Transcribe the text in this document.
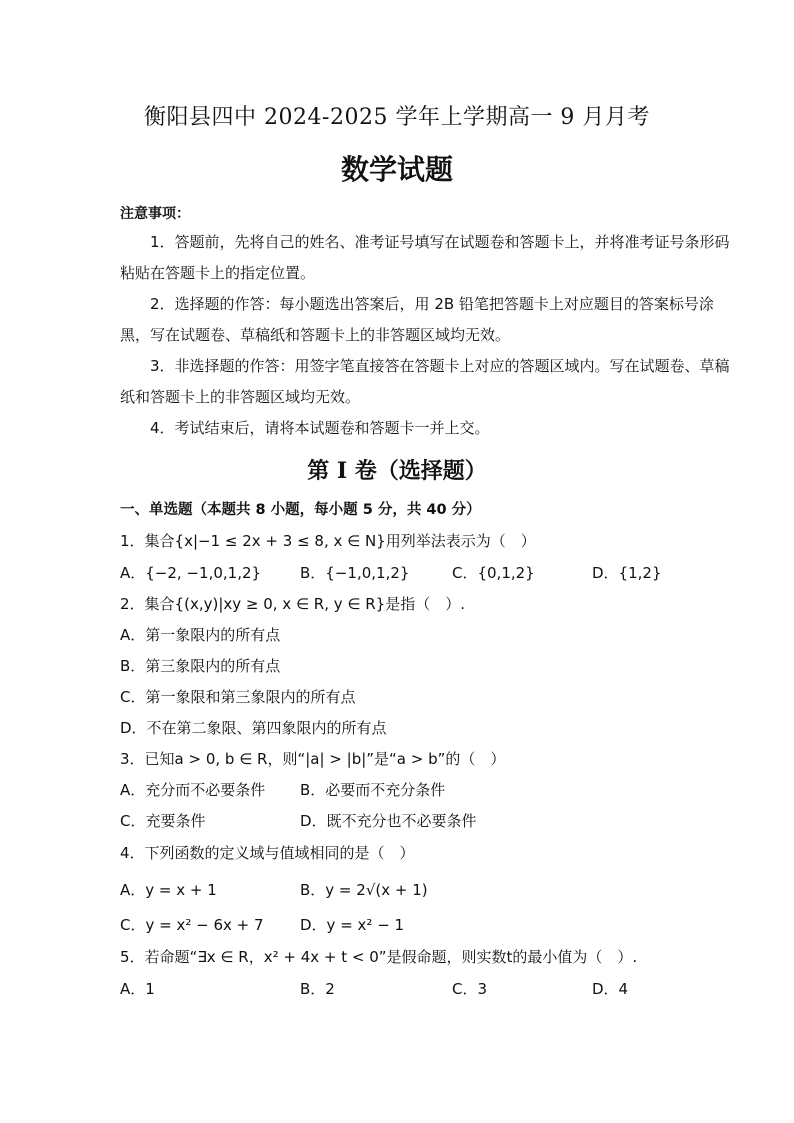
衡阳县四中 2024-2025 学年上学期高一 9 月月考
数学试题
注意事项：
1．答题前，先将自己的姓名、准考证号填写在试题卷和答题卡上，并将准考证号条形码粘贴在答题卡上的指定位置。
2．选择题的作答：每小题选出答案后，用 2B 铅笔把答题卡上对应题目的答案标号涂黑，写在试题卷、草稿纸和答题卡上的非答题区域均无效。
3．非选择题的作答：用签字笔直接答在答题卡上对应的答题区域内。写在试题卷、草稿纸和答题卡上的非答题区域均无效。
4．考试结束后，请将本试题卷和答题卡一并上交。
第 I 卷（选择题）
一、单选题（本题共 8 小题，每小题 5 分，共 40 分）
1．集合{x|−1 ≤ 2x + 3 ≤ 8, x ∈ N}用列举法表示为（　）
A．{−2, −1,0,1,2}	B．{−1,0,1,2}	C．{0,1,2}	D．{1,2}
2．集合{(x,y)|xy ≥ 0, x ∈ R, y ∈ R}是指（　）.
A．第一象限内的所有点
B．第三象限内的所有点
C．第一象限和第三象限内的所有点
D．不在第二象限、第四象限内的所有点
3．已知a > 0, b ∈ R，则“|a| > |b|”是“a > b”的（　）
A．充分而不必要条件 B．必要而不充分条件
C．充要条件	D．既不充分也不必要条件
4．下列函数的定义域与值域相同的是（　）
A．y = x + 1	B．y = 2√(x + 1)
C．y = x² − 6x + 7 D．y = x² − 1
5．若命题“∃x ∈ R，x² + 4x + t < 0”是假命题，则实数t的最小值为（　）.
A．1	B．2	C．3	D．4
